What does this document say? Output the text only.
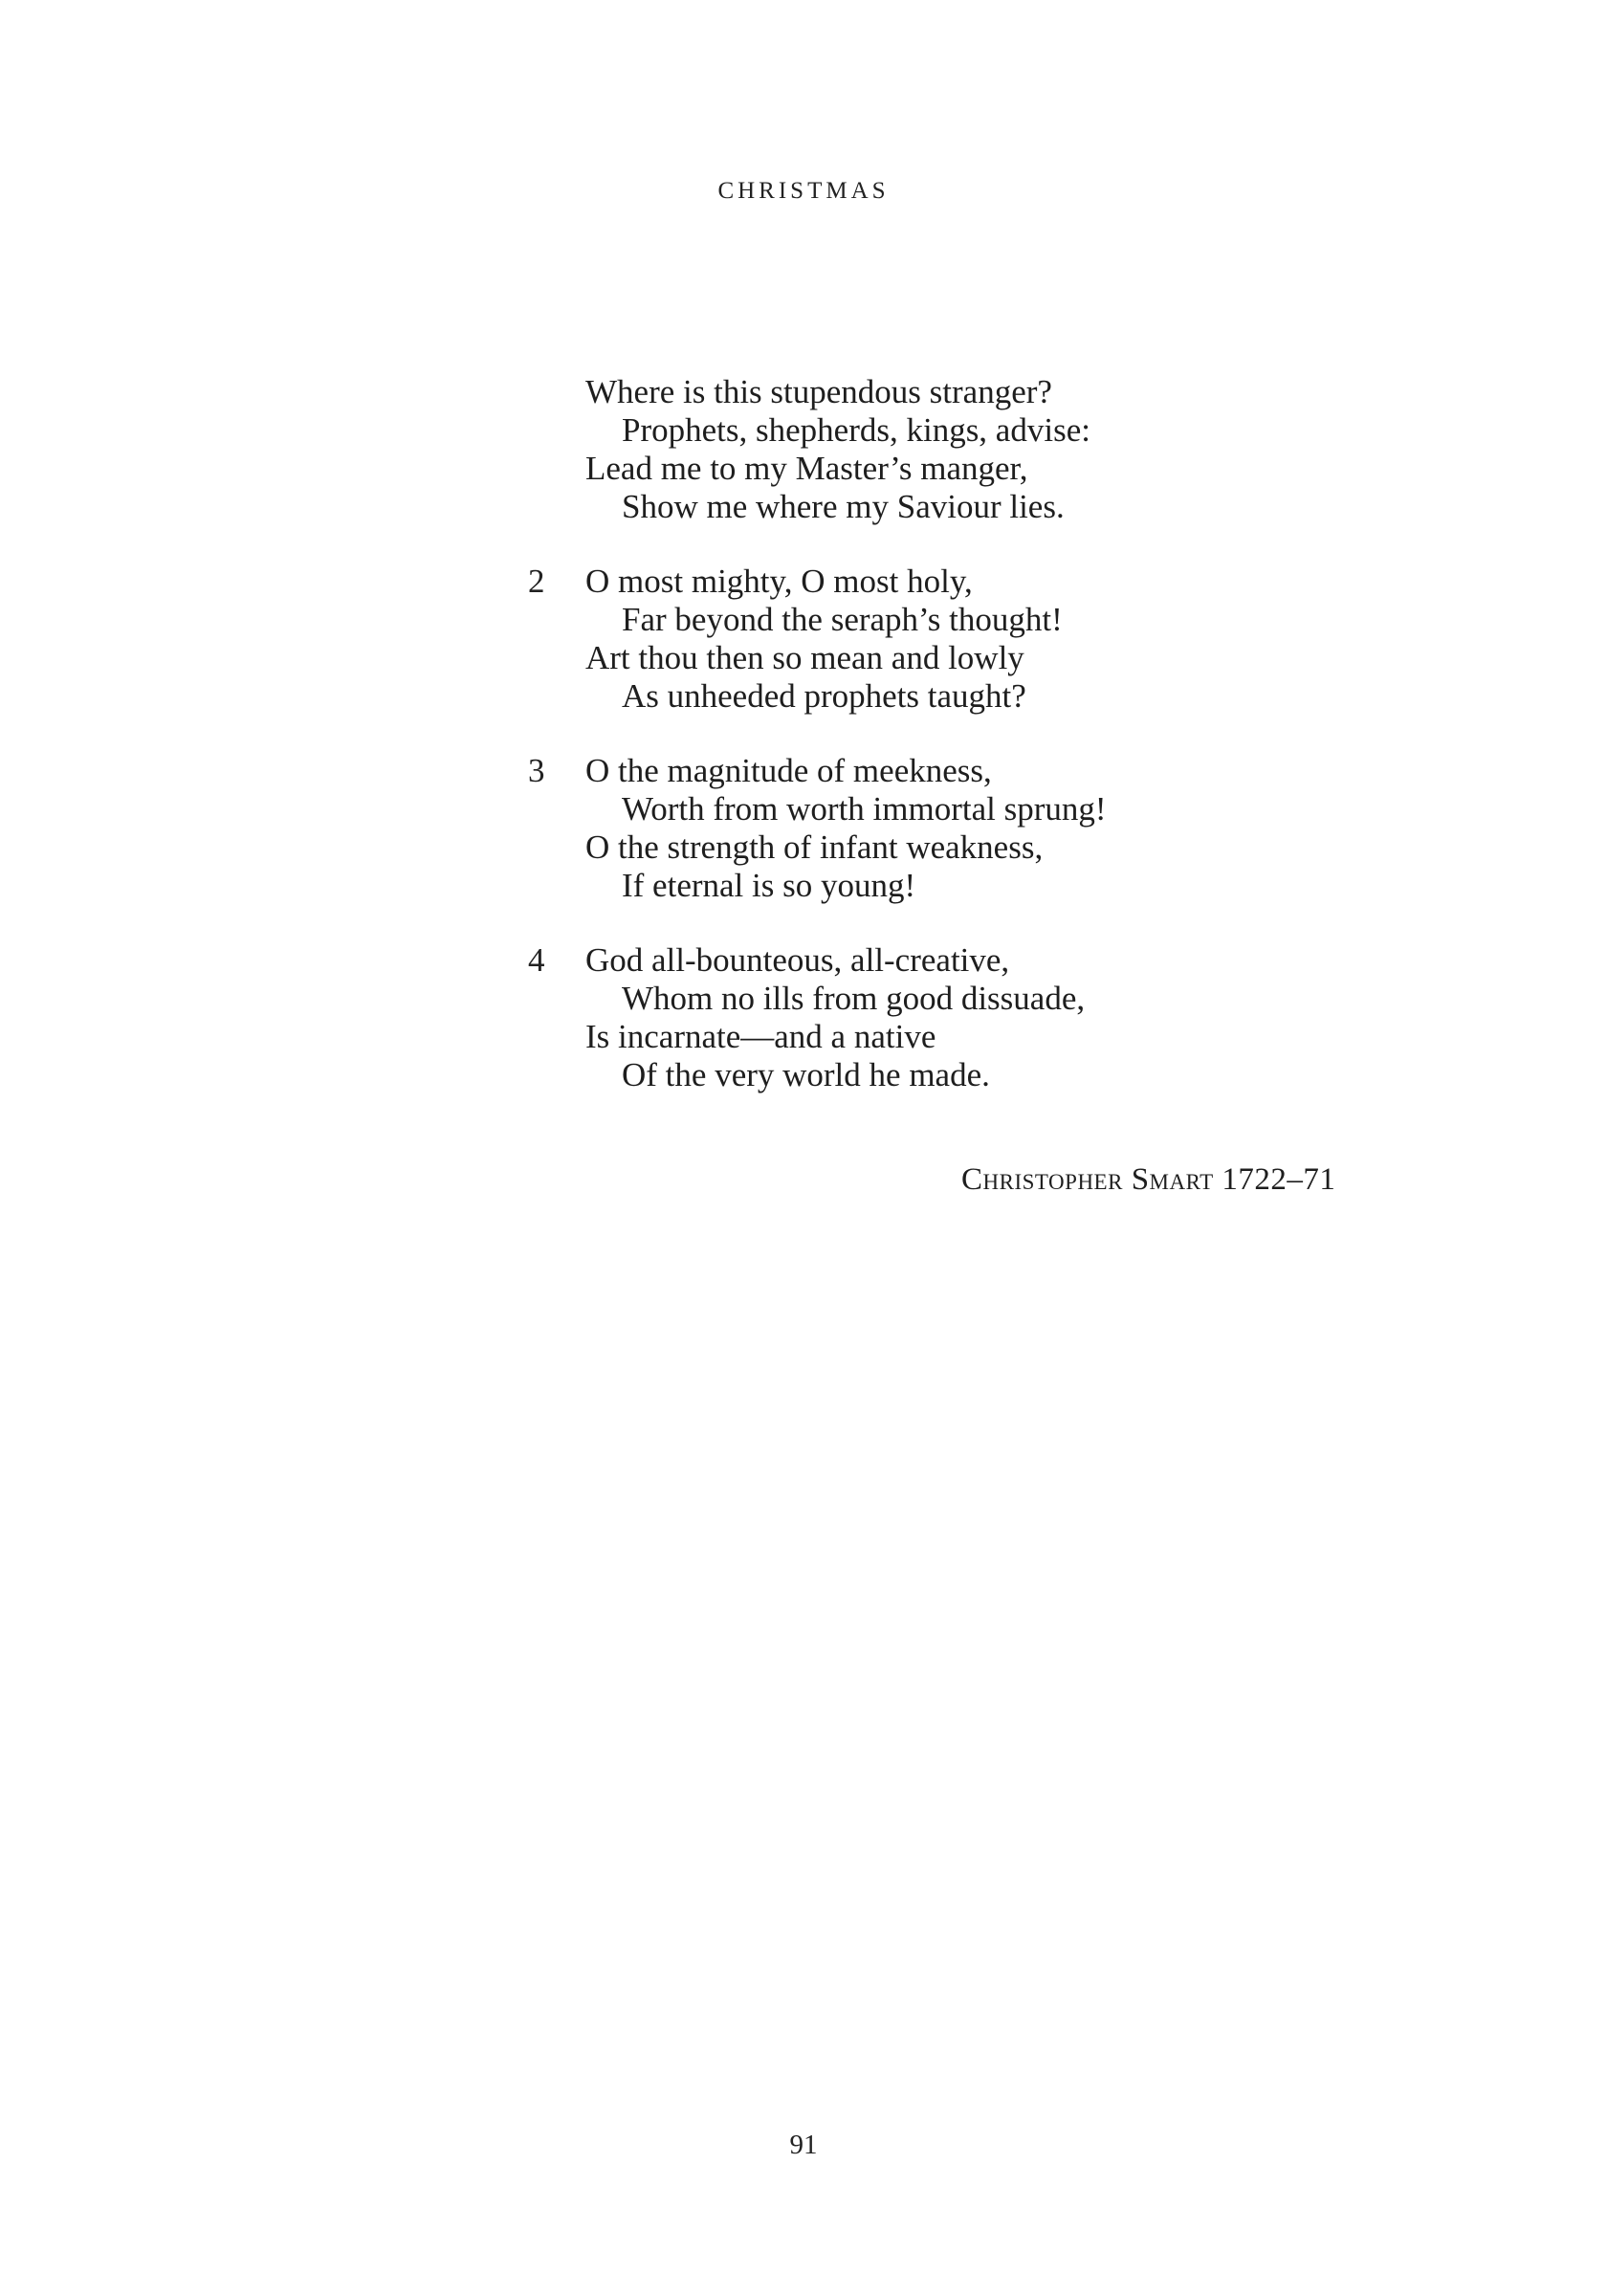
CHRISTMAS
Where is this stupendous stranger?
Prophets, shepherds, kings, advise:
Lead me to my Master’s manger,
Show me where my Saviour lies.
2 O most mighty, O most holy,
Far beyond the seraph’s thought!
Art thou then so mean and lowly
As unheeded prophets taught?
3 O the magnitude of meekness,
Worth from worth immortal sprung!
O the strength of infant weakness,
If eternal is so young!
4 God all-bounteous, all-creative,
Whom no ills from good dissuade,
Is incarnate—and a native
Of the very world he made.
Christopher Smart 1722–71
91
